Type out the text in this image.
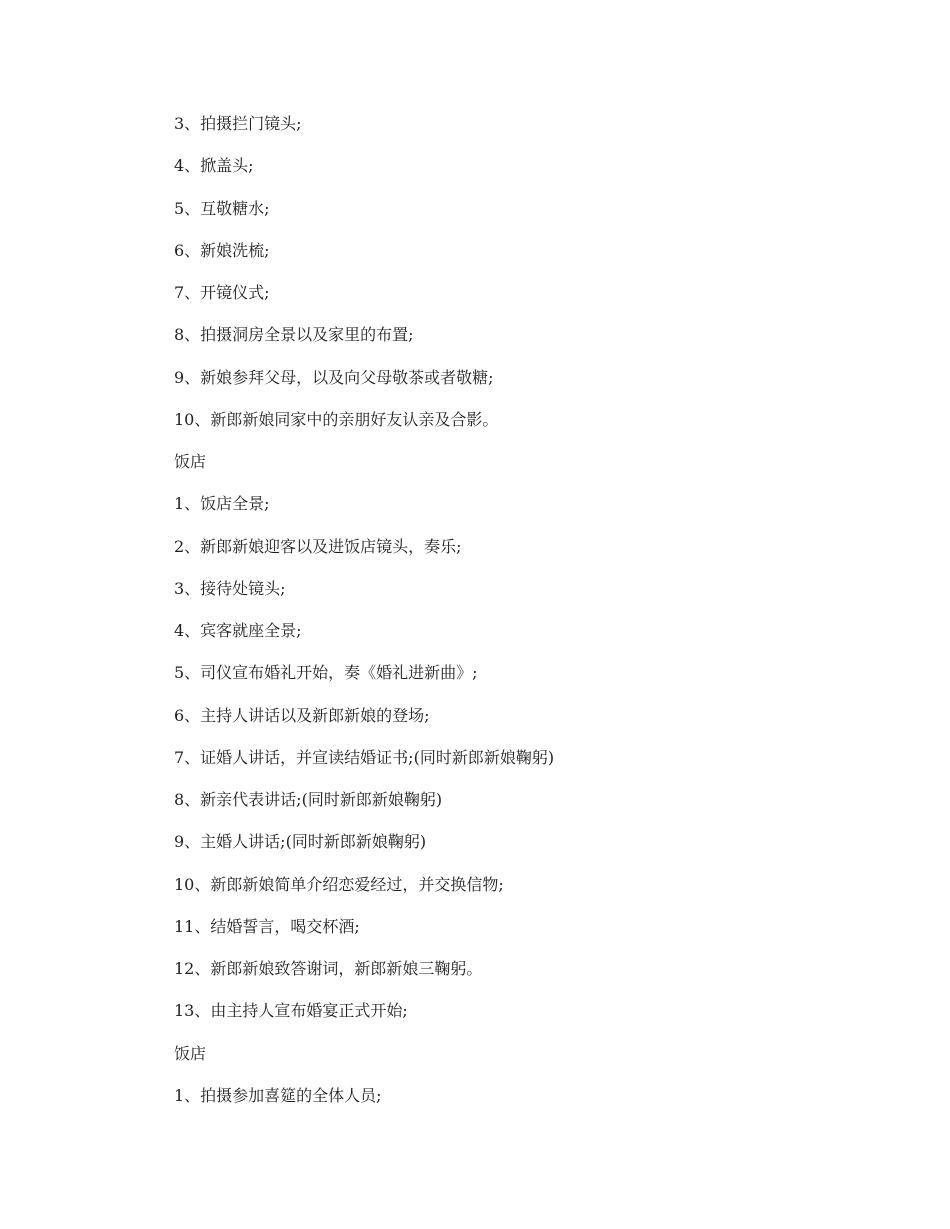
3、拍摄拦门镜头;

4、掀盖头;

5、互敬糖水;

6、新娘洗梳;

7、开镜仪式;

8、拍摄洞房全景以及家里的布置;

9、新娘参拜父母，以及向父母敬茶或者敬糖;

10、新郎新娘同家中的亲朋好友认亲及合影。

饭店

1、饭店全景;

2、新郎新娘迎客以及进饭店镜头，奏乐;

3、接待处镜头;

4、宾客就座全景;

5、司仪宣布婚礼开始，奏《婚礼进新曲》;

6、主持人讲话以及新郎新娘的登场;

7、证婚人讲话，并宣读结婚证书;(同时新郎新娘鞠躬)

8、新亲代表讲话;(同时新郎新娘鞠躬)

9、主婚人讲话;(同时新郎新娘鞠躬)

10、新郎新娘简单介绍恋爱经过，并交换信物;

11、结婚誓言，喝交杯酒;

12、新郎新娘致答谢词，新郎新娘三鞠躬。

13、由主持人宣布婚宴正式开始;

饭店

1、拍摄参加喜筵的全体人员;
